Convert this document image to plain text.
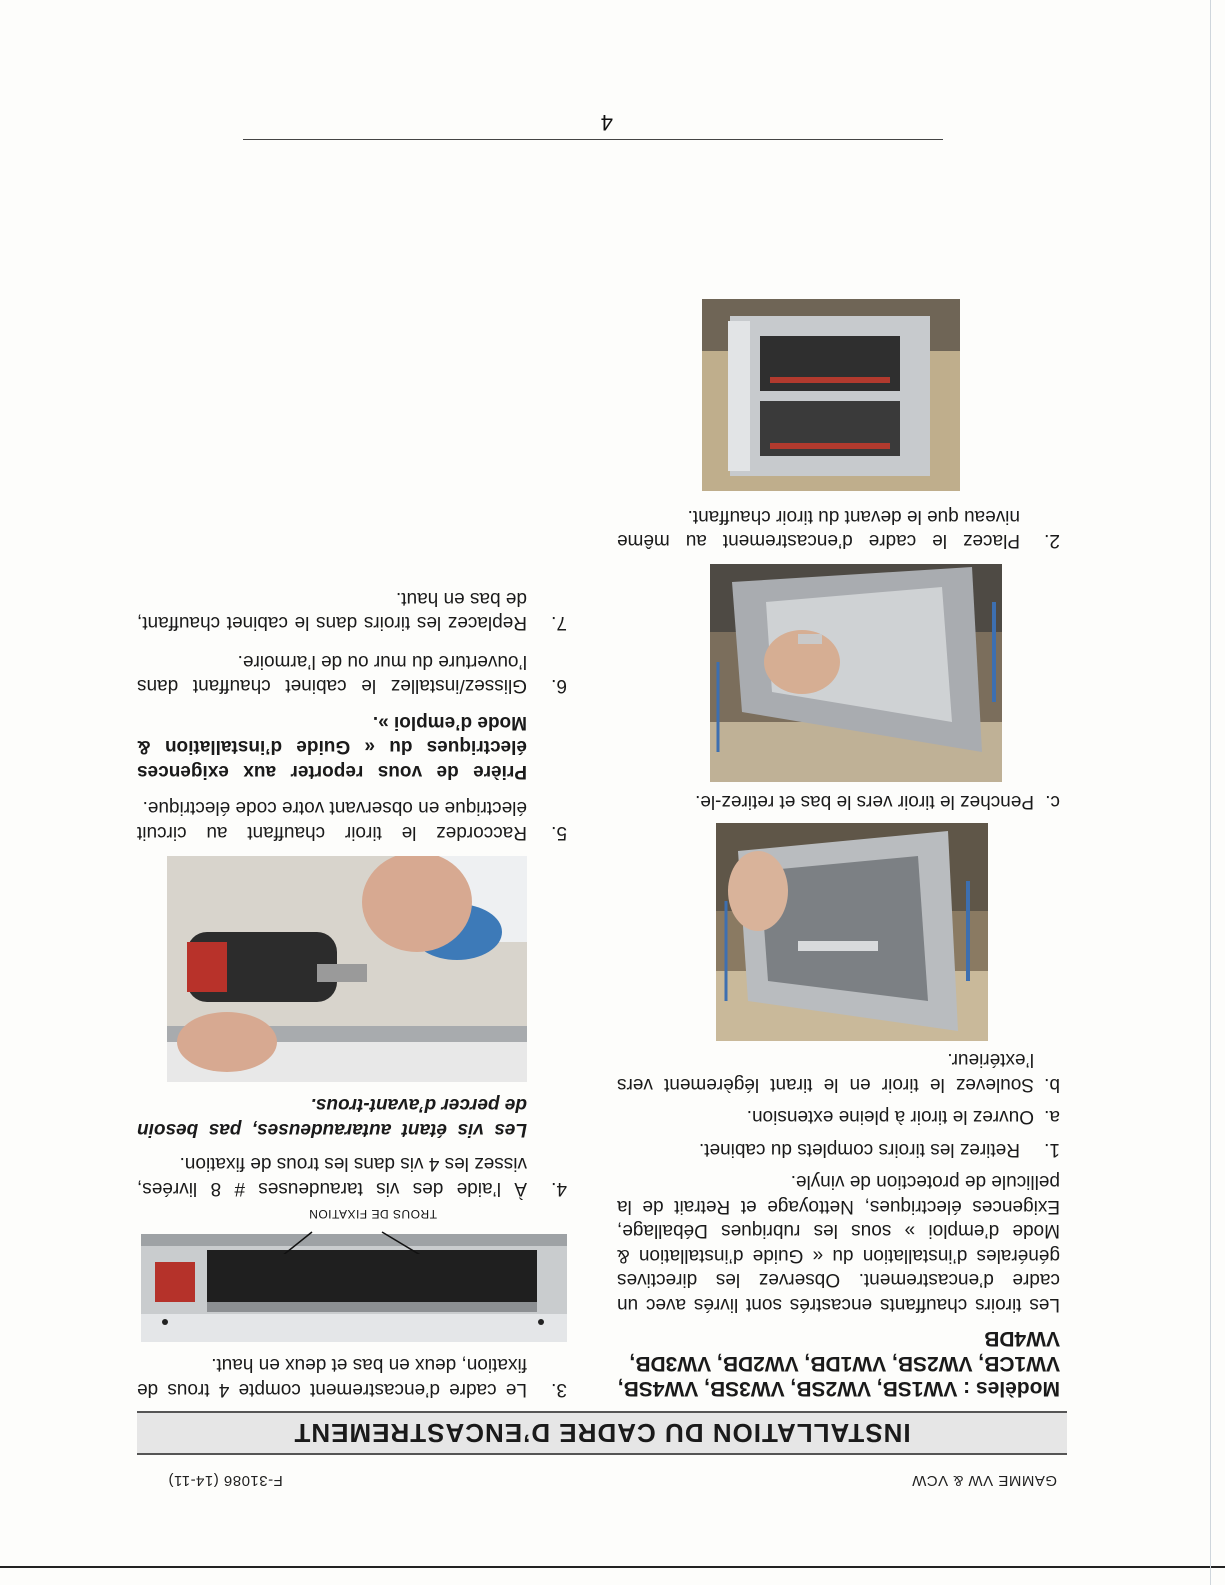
GAMME VW & VCW
F-31086 (14-11)
INSTALLATION DU CADRE D’ENCASTREMENT

Modèles : VW1SB, VW2SB, VW3SB, VW4SB, VW1CB, VW2SB, VW1DB, VW2DB, VW3DB, VW4DB

Les tiroirs chauffants encastrés sont livrés avec un cadre d’encastrement. Observez les directives générales d’installation du « Guide d’installation & Mode d’emploi » sous les rubriques Déballage, Exigences électriques, Nettoyage et Retrait de la pellicule de protection de vinyle.

1.
Retirez les tiroirs complets du cabinet.
a.
Ouvrez le tiroir à pleine extension.
b.
Soulevez le tiroir en le tirant légèrement vers l’extérieur.
c.
Penchez le tiroir vers le bas et retirez-le.
2.
Placez le cadre d’encastrement au même niveau que le devant du tiroir chauffant.
3.
Le cadre d’encastrement compte 4 trous de fixation, deux en bas et deux en haut.
TROUS DE FIXATION
4.
À l’aide des vis taraudeuses # 8 livrées, vissez les 4 vis dans les trous de fixation.

Les vis étant autaraudeuses, pas besoin de percer d’avant-trous.

5.
Raccordez le tiroir chauffant au circuit électrique en observant votre code électrique.

Prière de vous reporter aux exigences électriques du « Guide d’installation & Mode d’emploi ».

6.
Glissez/installez le cabinet chauffant dans l’ouverture du mur ou de l’armoire.
7.
Replacez les tiroirs dans le cabinet chauffant, de bas en haut.
4
